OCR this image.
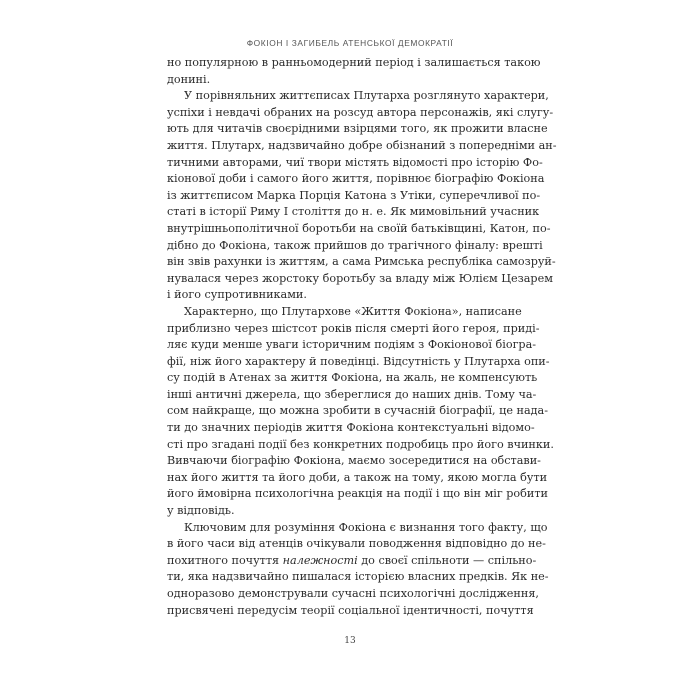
ФОКІОН І ЗАГИБЕЛЬ АТЕНСЬКОЇ ДЕМОКРАТІЇ
но популярною в ранньомодерний період і залишається такою
донині.
У порівняльних життєписах Плутарха розглянуто характери,
успіхи і невдачі обраних на розсуд автора персонажів, які слугу-
ють для читачів своєрідними взірцями того, як прожити власне
життя. Плутарх, надзвичайно добре обізнаний з попередніми ан-
тичними авторами, чиї твори містять відомості про історію Фо-
кіонової доби і самого його життя, порівнює біографію Фокіона
із життєписом Марка Порція Катона з Утіки, суперечливої по-
статі в історії Риму I століття до н. е. Як мимовільний учасник
внутрішньополітичної боротьби на своїй батьківщині, Катон, по-
дібно до Фокіона, також прийшов до трагічного фіналу: врешті
він звів рахунки із життям, а сама Римська республіка самозруй-
нувалася через жорстоку боротьбу за владу між Юлієм Цезарем
і його супротивниками.
Характерно, що Плутархове «Життя Фокіона», написане
приблизно через шістсот років після смерті його героя, приді-
ляє куди менше уваги історичним подіям з Фокіонової біогра-
фії, ніж його характеру й поведінці. Відсутність у Плутарха опи-
су подій в Атенах за життя Фокіона, на жаль, не компенсують
інші античні джерела, що збереглися до наших днів. Тому ча-
сом найкраще, що можна зробити в сучасній біографії, це нада-
ти до значних періодів життя Фокіона контекстуальні відомо-
сті про згадані події без конкретних подробиць про його вчинки.
Вивчаючи біографію Фокіона, маємо зосередитися на обстави-
нах його життя та його доби, а також на тому, якою могла бути
його ймовірна психологічна реакція на події і що він міг робити
у відповідь.
Ключовим для розуміння Фокіона є визнання того факту, що
в його часи від атенців очікували поводження відповідно до не-
похитного почуття належності до своєї спільноти — спільно-
ти, яка надзвичайно пишалася історією власних предків. Як не-
одноразово демонстрували сучасні психологічні дослідження,
присвячені передусім теорії соціальної ідентичності, почуття
13
